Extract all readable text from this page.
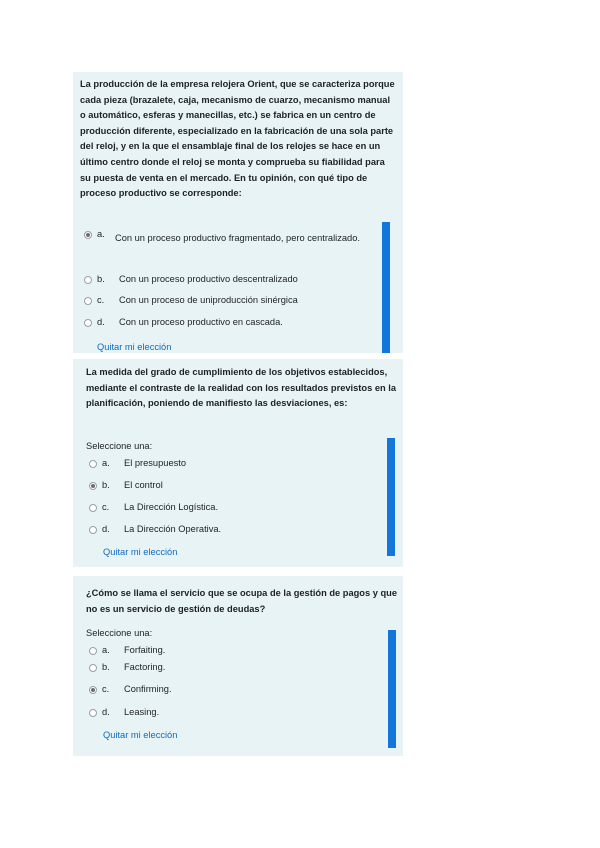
La producción de la empresa relojera Orient, que se caracteriza porque cada pieza (brazalete, caja, mecanismo de cuarzo, mecanismo manual o automático, esferas y manecillas, etc.) se fabrica en un centro de producción diferente, especializado en la fabricación de una sola parte del reloj, y en la que el ensamblaje final de los relojes se hace en un último centro donde el reloj se monta y comprueba su fiabilidad para su puesta de venta en el mercado. En tu opinión, con qué tipo de proceso productivo se corresponde:
a.	Con un proceso productivo fragmentado, pero centralizado.
b. Con un proceso productivo descentralizado
c. Con un proceso de uniproducción sinérgica
d. Con un proceso productivo en cascada.
Quitar mi elección
La medida del grado de cumplimiento de los objetivos establecidos, mediante el contraste de la realidad con los resultados previstos en la planificación, poniendo de manifiesto las desviaciones, es:
Seleccione una:
a. El presupuesto
b. El control
c. La Dirección Logística.
d. La Dirección Operativa.
Quitar mi elección
¿Cómo se llama el servicio que se ocupa de la gestión de pagos y que no es un servicio de gestión de deudas?
Seleccione una:
a. Forfaiting.
b. Factoring.
c. Confirming.
d. Leasing.
Quitar mi elección
